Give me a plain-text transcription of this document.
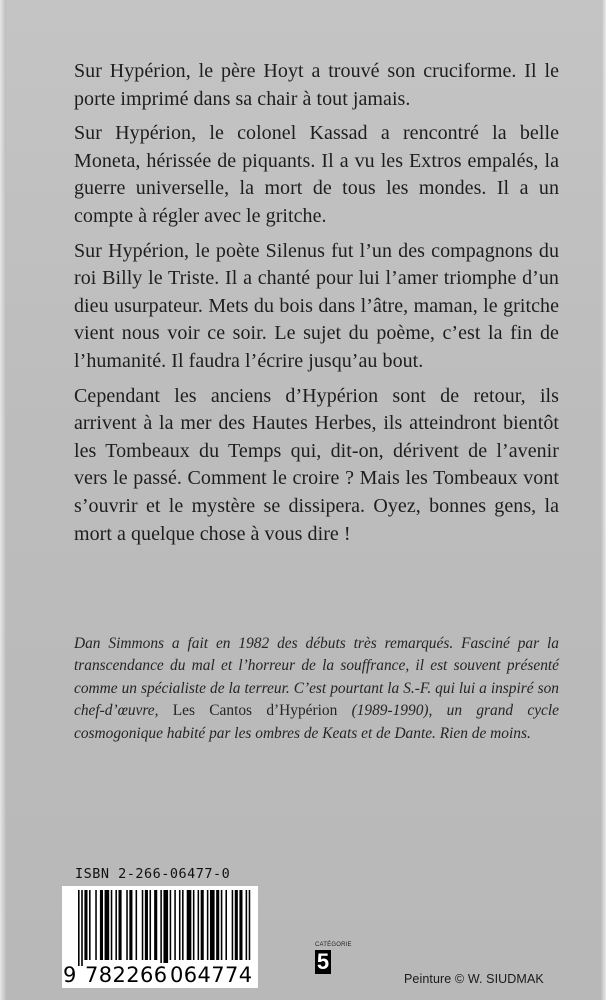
Sur Hypérion, le père Hoyt a trouvé son cruciforme. Il le porte imprimé dans sa chair à tout jamais.

Sur Hypérion, le colonel Kassad a rencontré la belle Moneta, hérissée de piquants. Il a vu les Extros empalés, la guerre universelle, la mort de tous les mondes. Il a un compte à régler avec le gritche.

Sur Hypérion, le poète Silenus fut l’un des compagnons du roi Billy le Triste. Il a chanté pour lui l’amer triomphe d’un dieu usurpateur. Mets du bois dans l’âtre, maman, le gritche vient nous voir ce soir. Le sujet du poème, c’est la fin de l’humanité. Il faudra l’écrire jusqu’au bout.

Cependant les anciens d’Hypérion sont de retour, ils arrivent à la mer des Hautes Herbes, ils atteindront bientôt les Tombeaux du Temps qui, dit-on, dérivent de l’avenir vers le passé. Comment le croire ? Mais les Tombeaux vont s’ouvrir et le mystère se dissipera. Oyez, bonnes gens, la mort a quelque chose à vous dire !

Dan Simmons a fait en 1982 des débuts très remarqués. Fasciné par la transcendance du mal et l’horreur de la souffrance, il est souvent présenté comme un spécialiste de la terreur. C’est pourtant la S.-F. qui lui a inspiré son chef-d’œuvre, Les Cantos d’Hypérion (1989-1990), un grand cycle cosmogonique habité par les ombres de Keats et de Dante. Rien de moins.
ISBN 2-266-06477-0
9 782266 064774
CATÉGORIE
5
Peinture © W. SIUDMAK
